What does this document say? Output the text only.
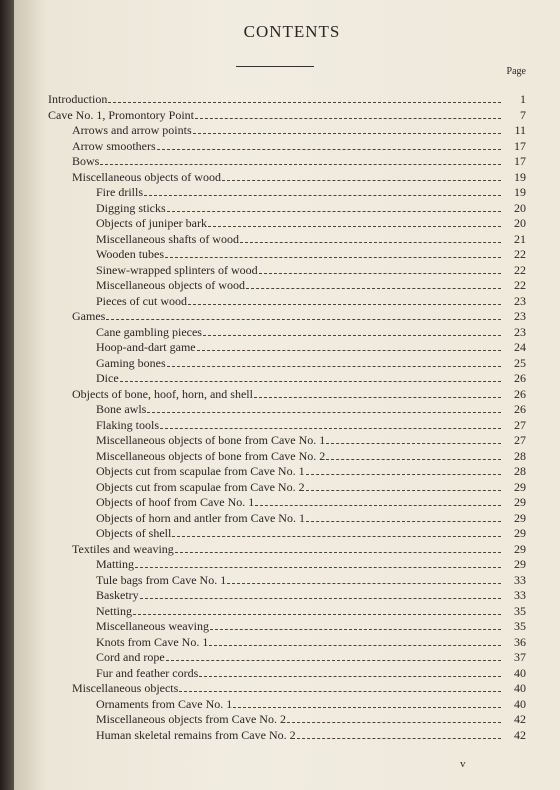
CONTENTS
Page
Introduction	1
Cave No. 1, Promontory Point	7
Arrows and arrow points	11
Arrow smoothers	17
Bows	17
Miscellaneous objects of wood	19
Fire drills	19
Digging sticks	20
Objects of juniper bark	20
Miscellaneous shafts of wood	21
Wooden tubes	22
Sinew-wrapped splinters of wood	22
Miscellaneous objects of wood	22
Pieces of cut wood	23
Games	23
Cane gambling pieces	23
Hoop-and-dart game	24
Gaming bones	25
Dice	26
Objects of bone, hoof, horn, and shell	26
Bone awls	26
Flaking tools	27
Miscellaneous objects of bone from Cave No. 1	27
Miscellaneous objects of bone from Cave No. 2	28
Objects cut from scapulae from Cave No. 1	28
Objects cut from scapulae from Cave No. 2	29
Objects of hoof from Cave No. 1	29
Objects of horn and antler from Cave No. 1	29
Objects of shell	29
Textiles and weaving	29
Matting	29
Tule bags from Cave No. 1	33
Basketry	33
Netting	35
Miscellaneous weaving	35
Knots from Cave No. 1	36
Cord and rope	37
Fur and feather cords	40
Miscellaneous objects	40
Ornaments from Cave No. 1	40
Miscellaneous objects from Cave No. 2	42
Human skeletal remains from Cave No. 2	42
v
